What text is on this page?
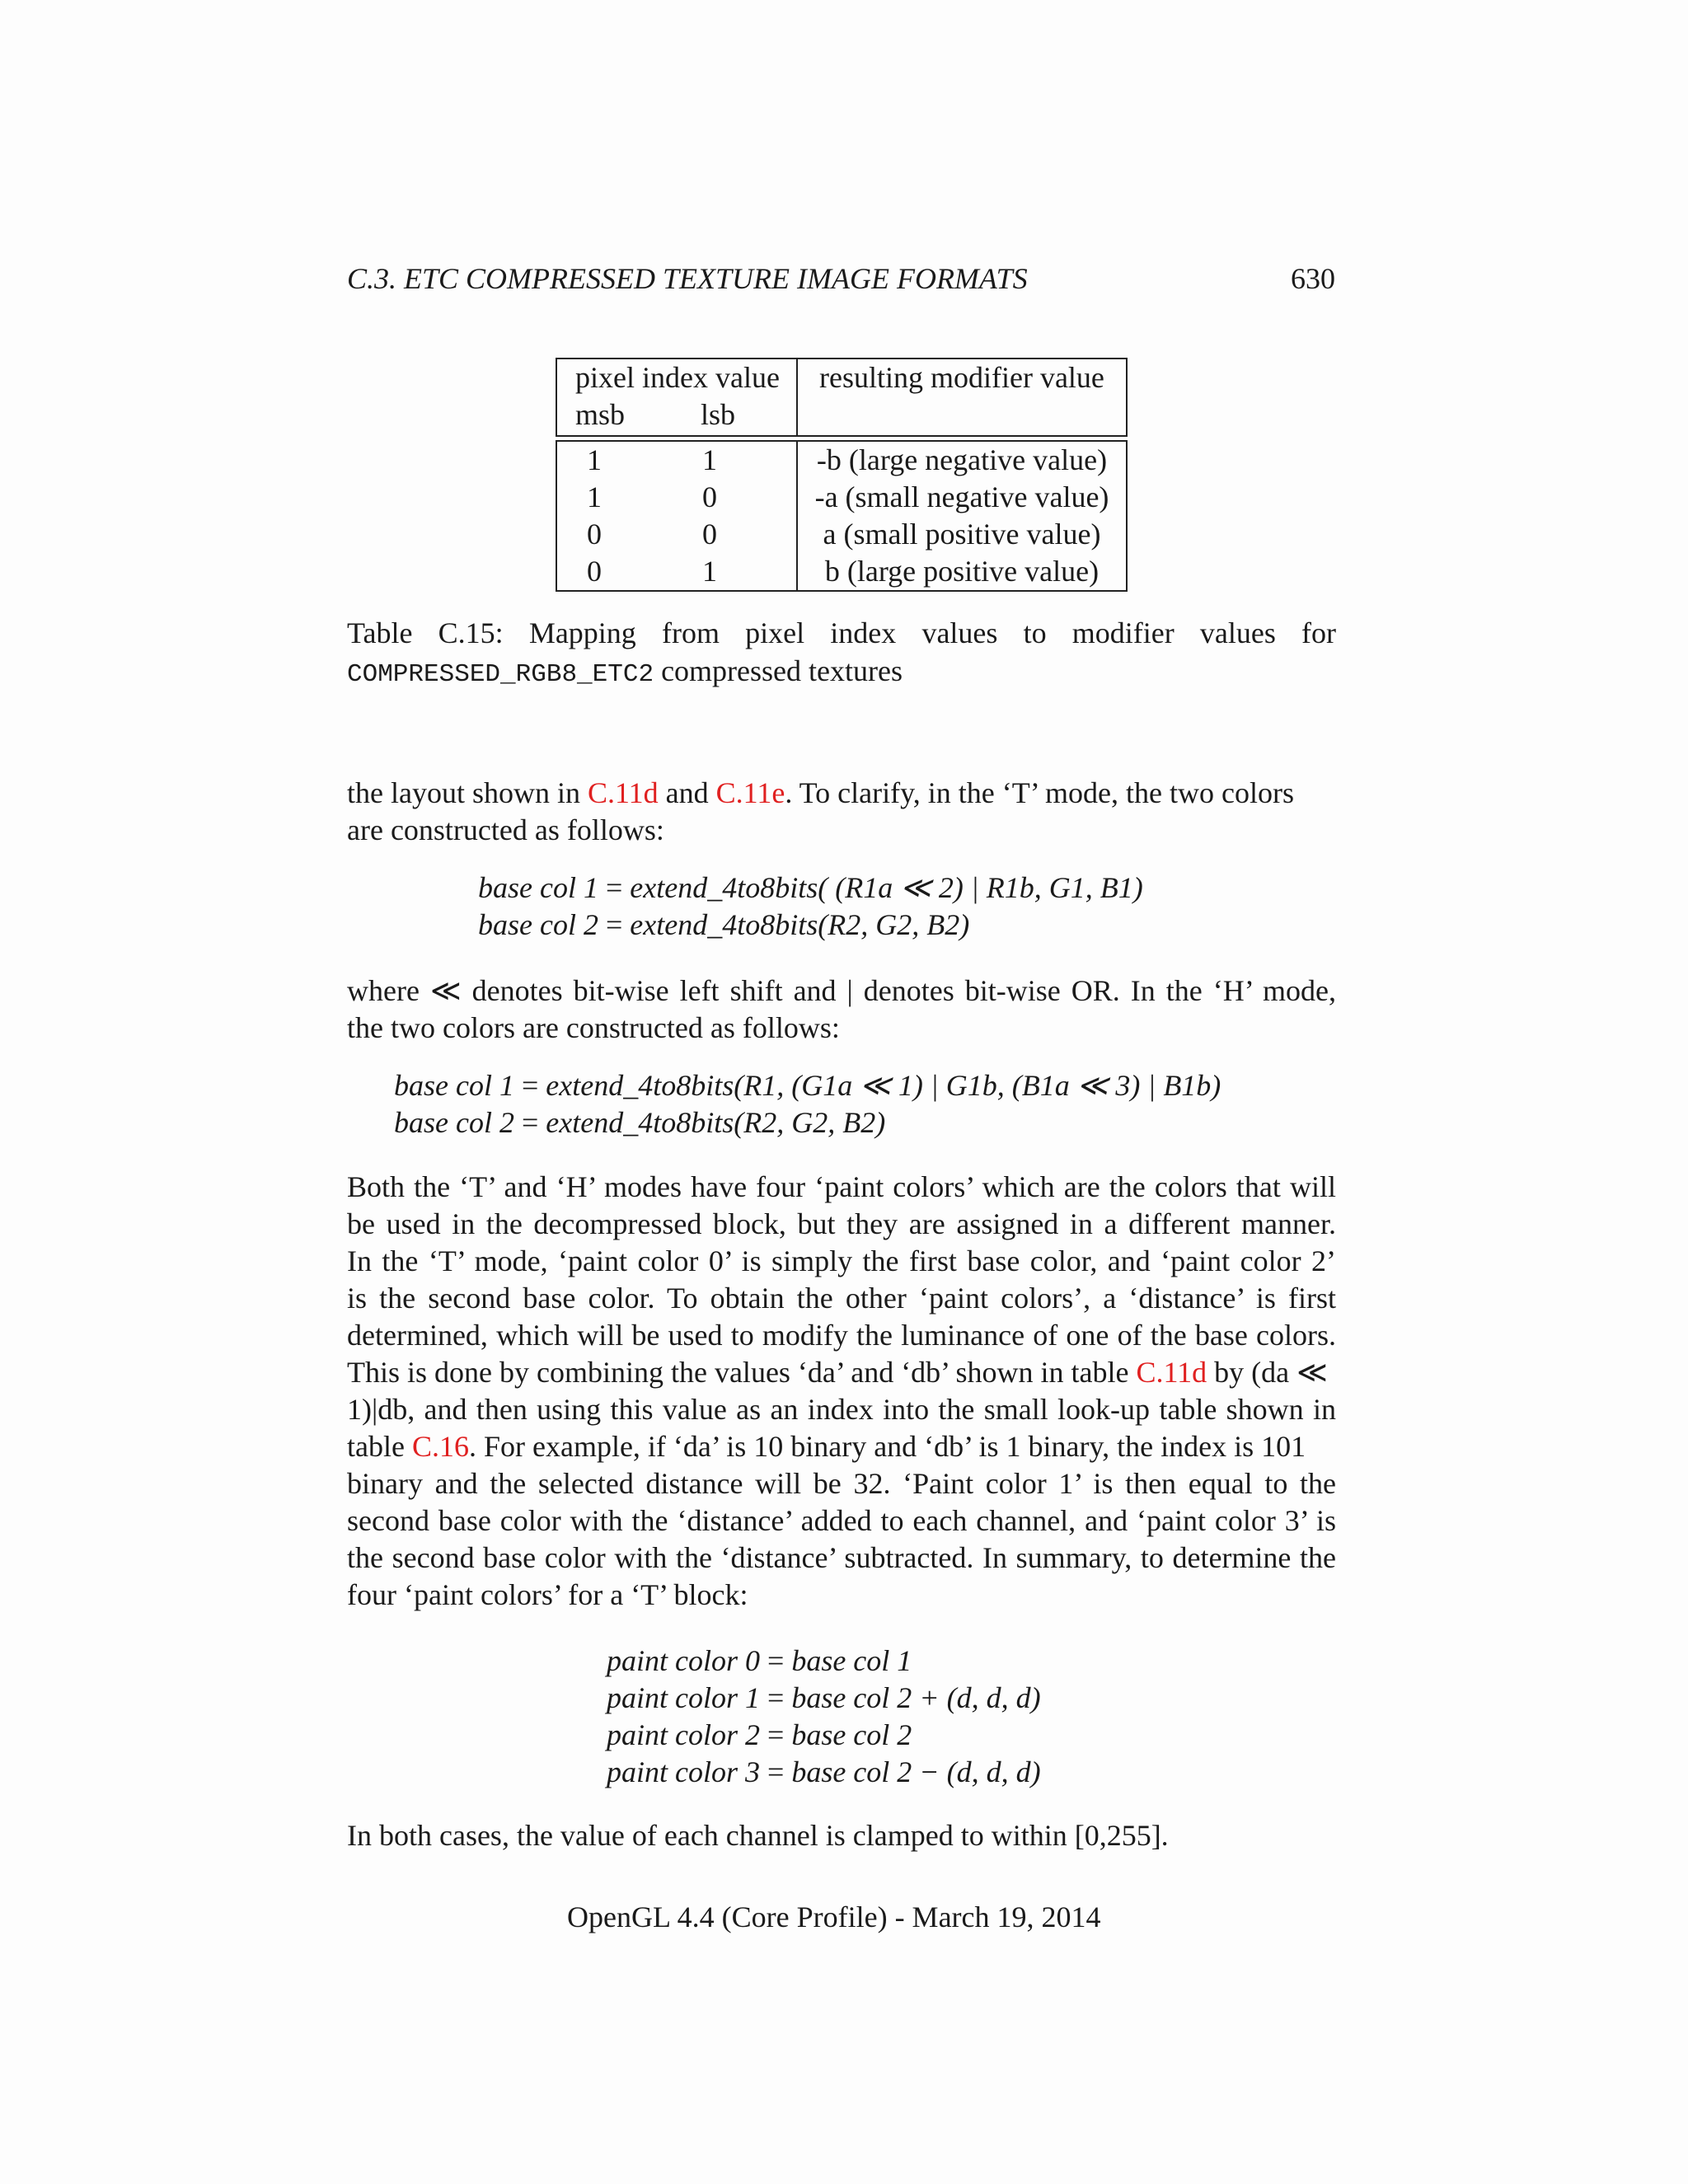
C.3. ETC COMPRESSED TEXTURE IMAGE FORMATS	630
pixel index value
msb	lsb
resulting modifier value
1	1	-b (large negative value)
1	0	-a (small negative value)
0	0	a (small positive value)
0	1	b (large positive value)
Table C.15: Mapping from pixel index values to modifier values for
COMPRESSED_RGB8_ETC2 compressed textures
the layout shown in C.11d and C.11e. To clarify, in the ‘T’ mode, the two colors
are constructed as follows:
base col 1 = extend_4to8bits( (R1a ≪ 2) | R1b, G1, B1)
base col 2 = extend_4to8bits(R2, G2, B2)
where ≪ denotes bit-wise left shift and | denotes bit-wise OR. In the ‘H’ mode,
the two colors are constructed as follows:
base col 1 = extend_4to8bits(R1, (G1a ≪ 1) | G1b, (B1a ≪ 3) | B1b)
base col 2 = extend_4to8bits(R2, G2, B2)
Both the ‘T’ and ‘H’ modes have four ‘paint colors’ which are the colors that will
be used in the decompressed block, but they are assigned in a different manner.
In the ‘T’ mode, ‘paint color 0’ is simply the first base color, and ‘paint color 2’
is the second base color. To obtain the other ‘paint colors’, a ‘distance’ is first
determined, which will be used to modify the luminance of one of the base colors.
This is done by combining the values ‘da’ and ‘db’ shown in table C.11d by (da ≪
1)|db, and then using this value as an index into the small look-up table shown in
table C.16. For example, if ‘da’ is 10 binary and ‘db’ is 1 binary, the index is 101
binary and the selected distance will be 32. ‘Paint color 1’ is then equal to the
second base color with the ‘distance’ added to each channel, and ‘paint color 3’ is
the second base color with the ‘distance’ subtracted. In summary, to determine the
four ‘paint colors’ for a ‘T’ block:
paint color 0 = base col 1
paint color 1 = base col 2 + (d, d, d)
paint color 2 = base col 2
paint color 3 = base col 2 − (d, d, d)
In both cases, the value of each channel is clamped to within [0,255].
OpenGL 4.4 (Core Profile) - March 19, 2014
